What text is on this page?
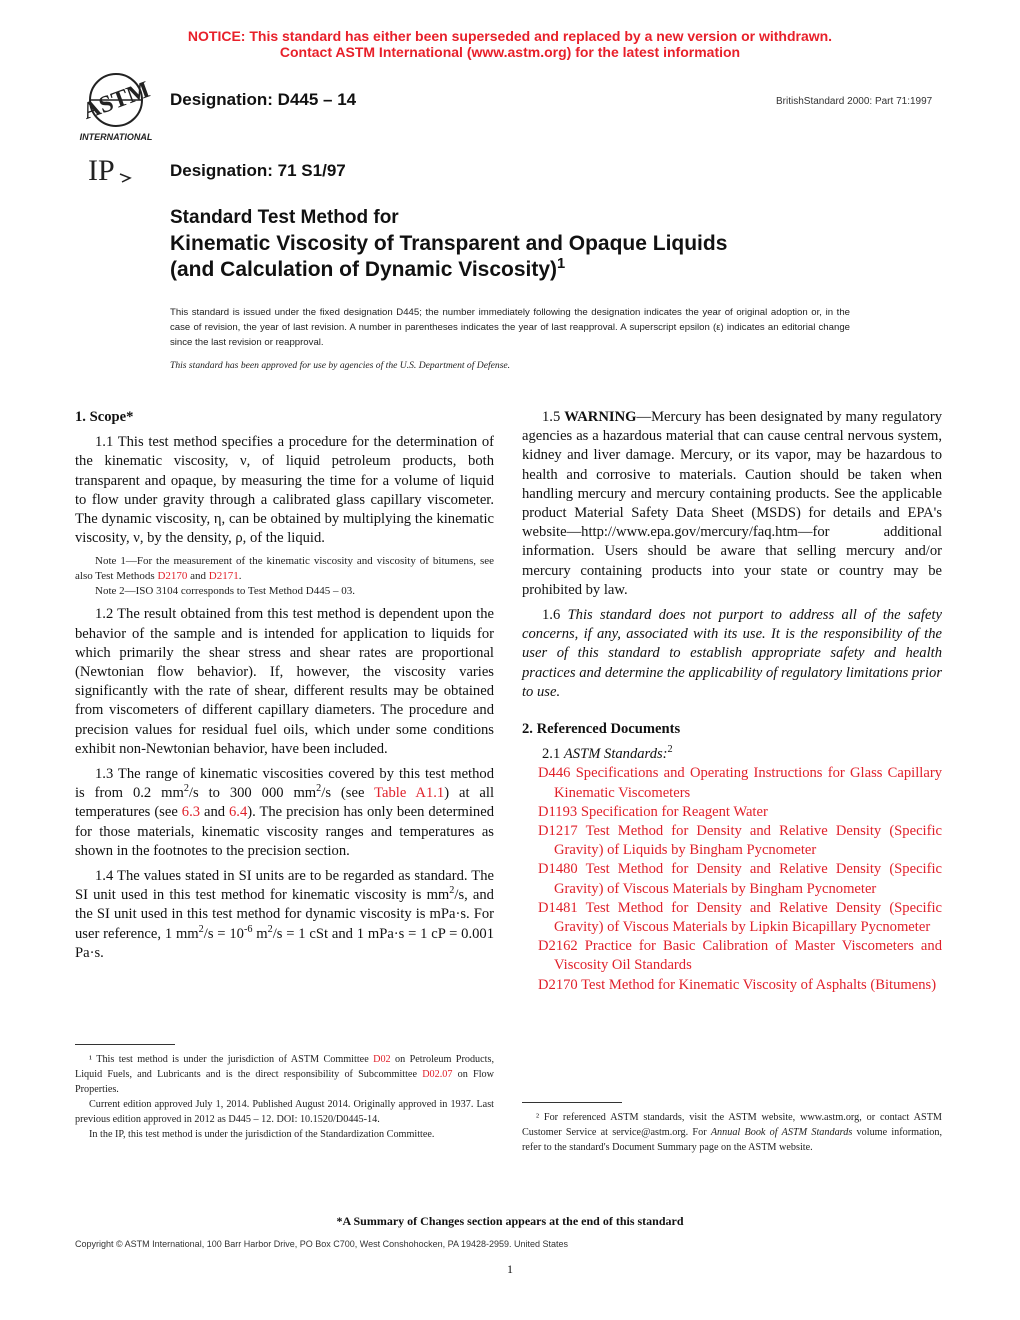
NOTICE: This standard has either been superseded and replaced by a new version or withdrawn.
Contact ASTM International (www.astm.org) for the latest information
ASTM
INTERNATIONAL
Designation: D445 – 14	BritishStandard 2000: Part 71:1997
IP	Designation: 71 S1/97
Standard Test Method for
Kinematic Viscosity of Transparent and Opaque Liquids
(and Calculation of Dynamic Viscosity)$^1$
This standard is issued under the fixed designation D445; the number immediately following the designation indicates the year of original adoption or, in the case of revision, the year of last revision. A number in parentheses indicates the year of last reapproval. A superscript epsilon (ε) indicates an editorial change since the last revision or reapproval.
This standard has been approved for use by agencies of the U.S. Department of Defense.
1. Scope*

1.1 This test method specifies a procedure for the determination of the kinematic viscosity, ν, of liquid petroleum products, both transparent and opaque, by measuring the time for a volume of liquid to flow under gravity through a calibrated glass capillary viscometer. The dynamic viscosity, η, can be obtained by multiplying the kinematic viscosity, ν, by the density, ρ, of the liquid.

Note 1—For the measurement of the kinematic viscosity and viscosity of bitumens, see also Test Methods D2170 and D2171.
Note 2—ISO 3104 corresponds to Test Method D445 – 03.

1.2 The result obtained from this test method is dependent upon the behavior of the sample and is intended for application to liquids for which primarily the shear stress and shear rates are proportional (Newtonian flow behavior). If, however, the viscosity varies significantly with the rate of shear, different results may be obtained from viscometers of different capillary diameters. The procedure and precision values for residual fuel oils, which under some conditions exhibit non-Newtonian behavior, have been included.

1.3 The range of kinematic viscosities covered by this test method is from 0.2 $mm^2/s$ to 300 000 $mm^2/s$ (see Table A1.1) at all temperatures (see 6.3 and 6.4). The precision has only been determined for those materials, kinematic viscosity ranges and temperatures as shown in the footnotes to the precision section.

1.4 The values stated in SI units are to be regarded as standard. The SI unit used in this test method for kinematic viscosity is $mm^2/s$, and the SI unit used in this test method for dynamic viscosity is mPa·s. For user reference, 1 $mm^2/s = 10^{-6}$ $m^2/s = 1$ cSt and 1 mPa·s = 1 cP = 0.001 Pa·s.

¹ This test method is under the jurisdiction of ASTM Committee D02 on Petroleum Products, Liquid Fuels, and Lubricants and is the direct responsibility of Subcommittee D02.07 on Flow Properties.
Current edition approved July 1, 2014. Published August 2014. Originally approved in 1937. Last previous edition approved in 2012 as D445 – 12. DOI: 10.1520/D0445-14.
In the IP, this test method is under the jurisdiction of the Standardization Committee.

1.5 WARNING—Mercury has been designated by many regulatory agencies as a hazardous material that can cause central nervous system, kidney and liver damage. Mercury, or its vapor, may be hazardous to health and corrosive to materials. Caution should be taken when handling mercury and mercury containing products. See the applicable product Material Safety Data Sheet (MSDS) for details and EPA's website—http://www.epa.gov/mercury/faq.htm—for additional information. Users should be aware that selling mercury and/or mercury containing products into your state or country may be prohibited by law.

1.6 This standard does not purport to address all of the safety concerns, if any, associated with its use. It is the responsibility of the user of this standard to establish appropriate safety and health practices and determine the applicability of regulatory limitations prior to use.

2. Referenced Documents

2.1 ASTM Standards:$^2$

D446 Specifications and Operating Instructions for Glass Capillary Kinematic Viscometers

D1193 Specification for Reagent Water

D1217 Test Method for Density and Relative Density (Specific Gravity) of Liquids by Bingham Pycnometer

D1480 Test Method for Density and Relative Density (Specific Gravity) of Viscous Materials by Bingham Pycnometer

D1481 Test Method for Density and Relative Density (Specific Gravity) of Viscous Materials by Lipkin Bicapillary Pycnometer

D2162 Practice for Basic Calibration of Master Viscometers and Viscosity Oil Standards

D2170 Test Method for Kinematic Viscosity of Asphalts (Bitumens)

² For referenced ASTM standards, visit the ASTM website, www.astm.org, or contact ASTM Customer Service at service@astm.org. For Annual Book of ASTM Standards volume information, refer to the standard's Document Summary page on the ASTM website.
*A Summary of Changes section appears at the end of this standard
Copyright © ASTM International, 100 Barr Harbor Drive, PO Box C700, West Conshohocken, PA 19428-2959. United States
1
